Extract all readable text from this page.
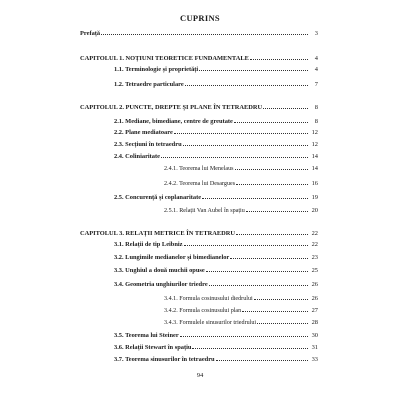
CUPRINS
Prefață	3
CAPITOLUL 1. NOȚIUNI TEORETICE FUNDAMENTALE	4
1.1. Terminologie și proprietăți	4
1.2. Tetraedre particulare	7
CAPITOLUL 2. PUNCTE, DREPTE ȘI PLANE ÎN TETRAEDRU	8
2.1. Mediane, bimediane, centre de greutate	8
2.2. Plane mediatoare	12
2.3. Secțiuni în tetraedru	12
2.4. Coliniaritate	14
2.4.1. Teorema lui Menelaus	14
2.4.2. Teorema lui Desargues	16
2.5. Concurență și coplanaritate	19
2.5.1. Relații Van Aubel în spațiu	20
CAPITOLUL 3. RELAȚII METRICE ÎN TETRAEDRU	22
3.1. Relații de tip Leibniz	22
3.2. Lungimile medianelor și bimedianelor	23
3.3. Unghiul a două muchii opuse	25
3.4. Geometria unghiurilor triedre	26
3.4.1. Formula cosinusului diedrului	26
3.4.2. Formula cosinusului plan	27
3.4.3. Formulele sinusurilor triedrului	28
3.5. Teorema lui Steiner	30
3.6. Relații Stewart în spațiu	31
3.7. Teorema sinusurilor în tetraedru	33
94
